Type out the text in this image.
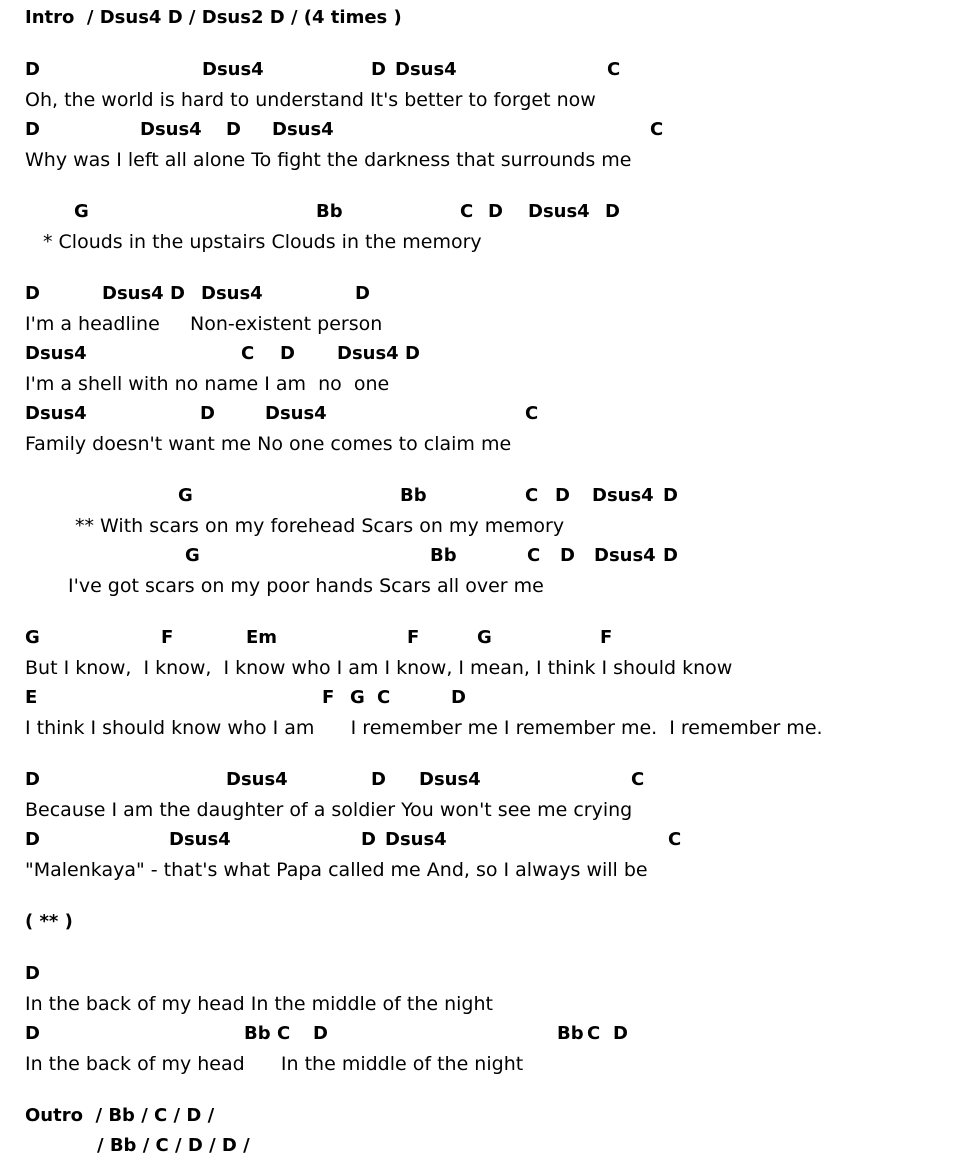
Intro  / Dsus4 D / Dsus2 D / (4 times )
D	Dsus4	D Dsus4	C
Oh, the world is hard to understand It's better to forget now
D	Dsus4 D Dsus4	C
Why was I left all alone To fight the darkness that surrounds me
G	Bb	C D Dsus4 D
* Clouds in the upstairs Clouds in the memory
D	Dsus4 D Dsus4	D
I'm a headline     Non-existent person
Dsus4	C D Dsus4 D
I'm a shell with no name I am  no  one
Dsus4	D	Dsus4	C
Family doesn't want me No one comes to claim me
G	Bb	C D Dsus4 D
** With scars on my forehead Scars on my memory
G	Bb	C D Dsus4 D
I've got scars on my poor hands Scars all over me
G	F	Em	F	G	F
But I know,  I know,  I know who I am I know, I mean, I think I should know
E	F G C	D
I think I should know who I am      I remember me I remember me.  I remember me.
D	Dsus4	D Dsus4	C
Because I am the daughter of a soldier You won't see me crying
D	Dsus4	D Dsus4	C
"Malenkaya" - that's what Papa called me And, so I always will be
( ** )
D
In the back of my head In the middle of the night
D	Bb C D	Bb C D
In the back of my head      In the middle of the night
Outro  / Bb / C / D /
/ Bb / C / D / D /
